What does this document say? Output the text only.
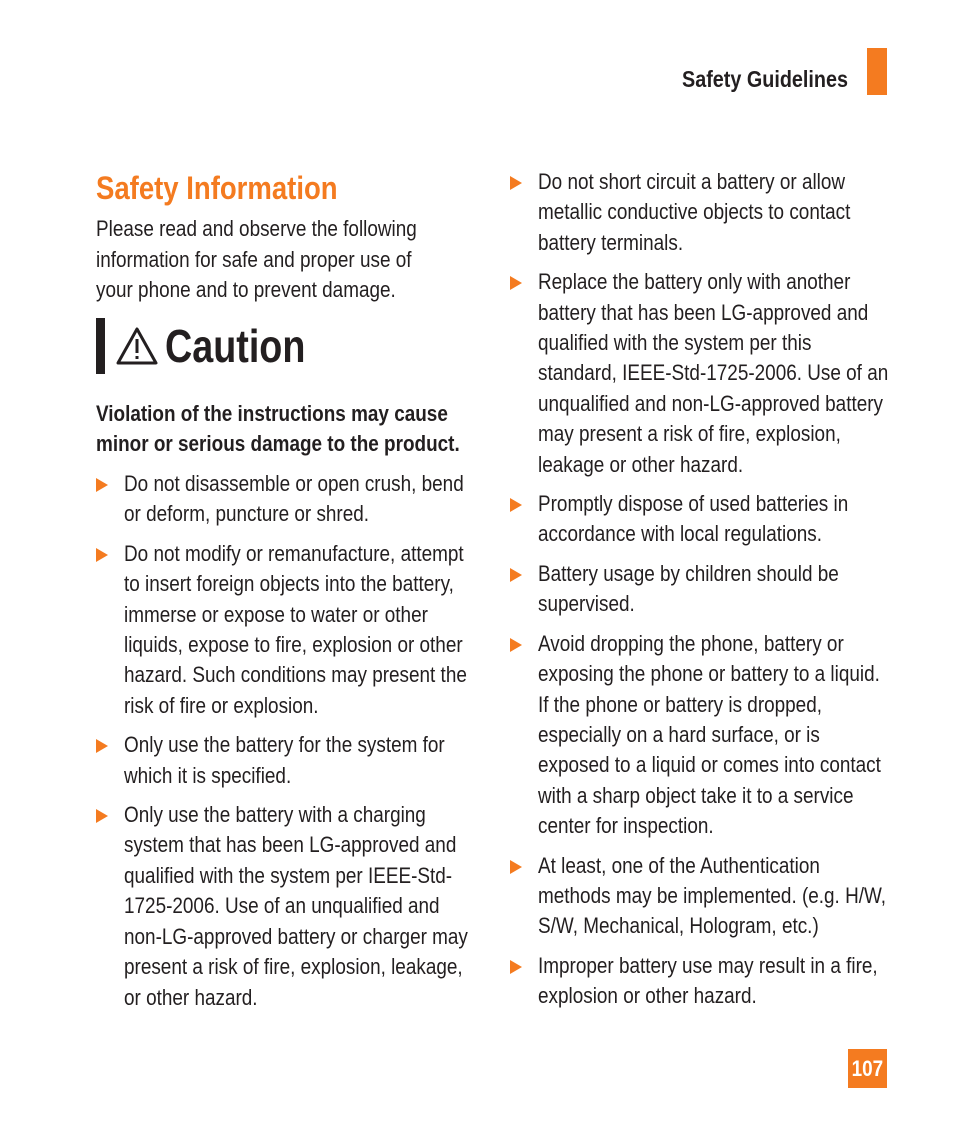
Safety Guidelines
Safety Information
Please read and observe the following information for safe and proper use of your phone and to prevent damage.
Caution
Violation of the instructions may cause minor or serious damage to the product.
Do not disassemble or open crush, bend or deform, puncture or shred.
Do not modify or remanufacture, attempt to insert foreign objects into the battery, immerse or expose to water or other liquids, expose to fire, explosion or other hazard. Such conditions may present the risk of fire or explosion.
Only use the battery for the system for which it is specified.
Only use the battery with a charging system that has been LG-approved and qualified with the system per IEEE-Std-1725-2006. Use of an unqualified and non-LG-approved battery or charger may present a risk of fire, explosion, leakage, or other hazard.
Do not short circuit a battery or allow metallic conductive objects to contact battery terminals.
Replace the battery only with another battery that has been LG-approved and qualified with the system per this standard, IEEE-Std-1725-2006. Use of an unqualified and non-LG-approved battery may present a risk of fire, explosion, leakage or other hazard.
Promptly dispose of used batteries in accordance with local regulations.
Battery usage by children should be supervised.
Avoid dropping the phone, battery or exposing the phone or battery to a liquid. If the phone or battery is dropped, especially on a hard surface, or is exposed to a liquid or comes into contact with a sharp object take it to a service center for inspection.
At least, one of the Authentication methods may be implemented. (e.g. H/W, S/W, Mechanical, Hologram, etc.)
Improper battery use may result in a fire, explosion or other hazard.
107
